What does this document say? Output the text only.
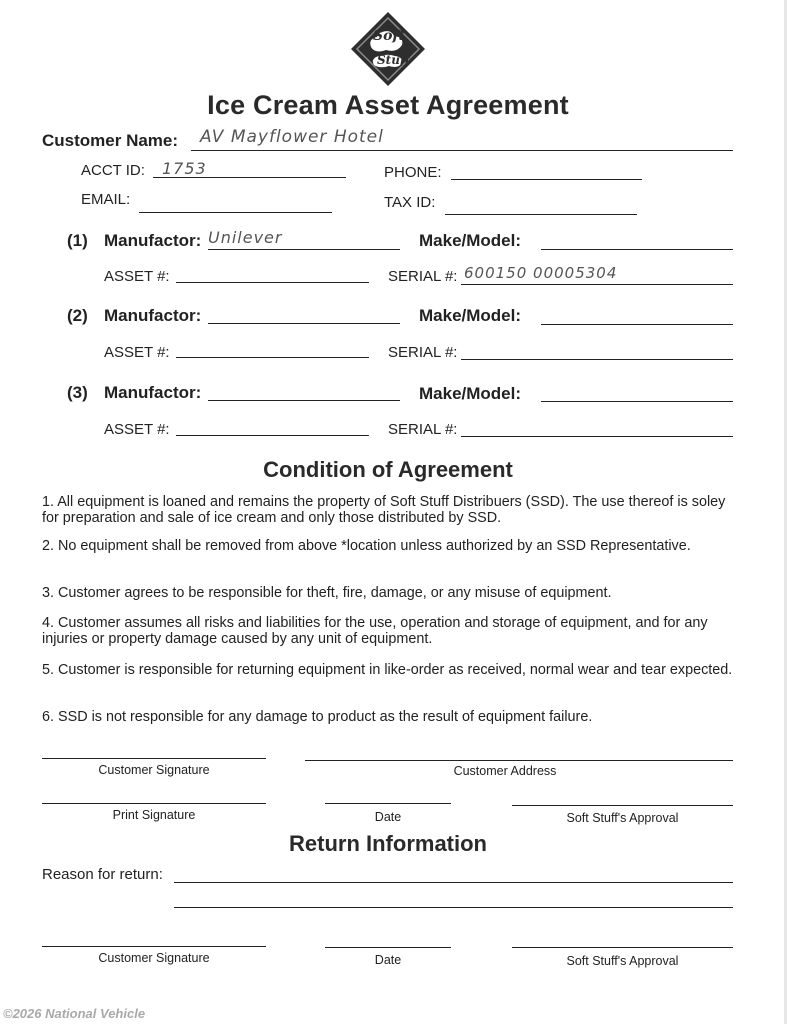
Soft
Stuff
Ice Cream Asset Agreement
Customer Name: AV Mayflower Hotel
ACCT ID: 1753	PHONE:
EMAIL:	TAX ID:
(1) Manufactor: Unilever	Make/Model:
ASSET #:	SERIAL #: 600150 00005304
(2) Manufactor:	Make/Model:
ASSET #:	SERIAL #:
(3) Manufactor:	Make/Model:
ASSET #:	SERIAL #:
Condition of Agreement
1. All equipment is loaned and remains the property of Soft Stuff Distribuers (SSD). The use thereof is soley for preparation and sale of ice cream and only those distributed by SSD.
2. No equipment shall be removed from above *location unless authorized by an SSD Representative.
3. Customer agrees to be responsible for theft, fire, damage, or any misuse of equipment.
4. Customer assumes all risks and liabilities for the use, operation and storage of equipment, and for any injuries or property damage caused by any unit of equipment.
5. Customer is responsible for returning equipment in like-order as received, normal wear and tear expected.
6. SSD is not responsible for any damage to product as the result of equipment failure.
Customer Signature	Customer Address
Print Signature	Date	Soft Stuff's Approval
Return Information
Reason for return:
Customer Signature	Date	Soft Stuff's Approval
©2026 National Vehicle
